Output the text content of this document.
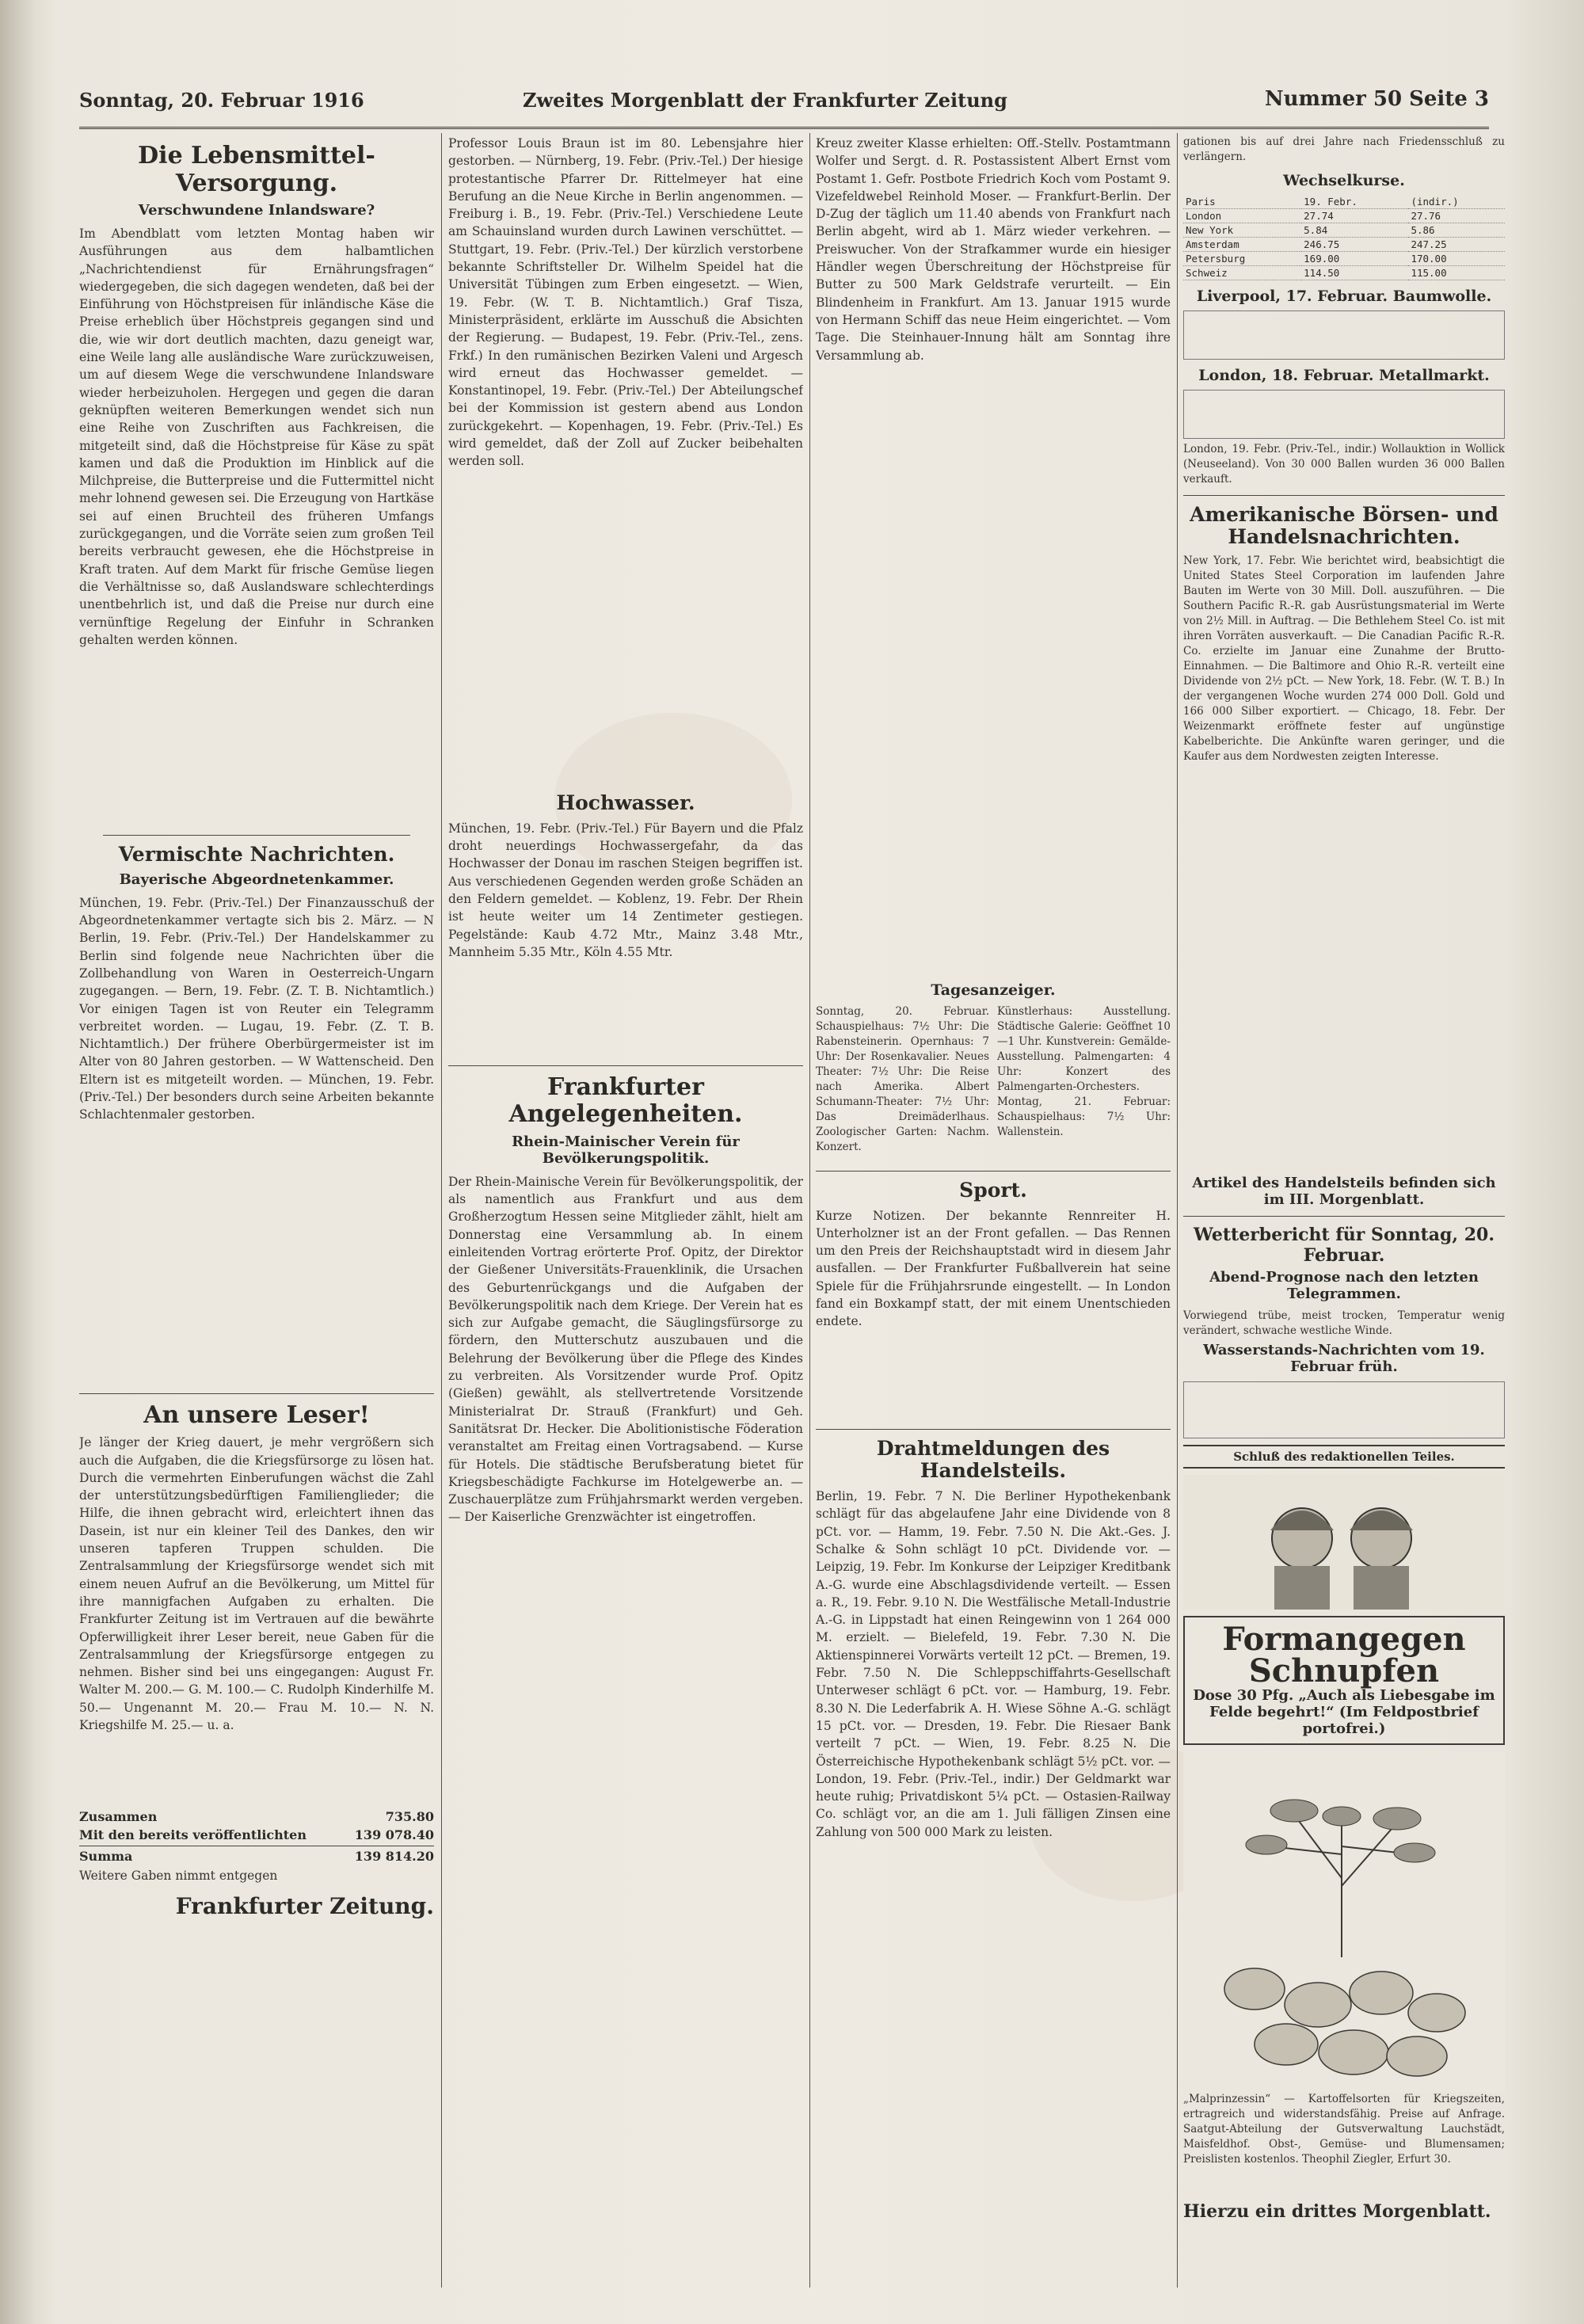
Sonntag, 20. Februar 1916	Zweites Morgenblatt der Frankfurter Zeitung	Nummer 50 Seite 3
Die Lebensmittel-Versorgung.
Verschwundene Inlandsware?

Im Abendblatt vom letzten Montag haben wir Ausführungen aus dem halbamtlichen „Nachrichtendienst für Ernährungsfragen“ wiedergegeben, die sich dagegen wendeten, daß bei der Einführung von Höchstpreisen für inländische Käse die Preise erheblich über Höchstpreis gegangen sind und die, wie wir dort deutlich machten, dazu geneigt war, eine Weile lang alle ausländische Ware zurückzuweisen, um auf diesem Wege die verschwundene Inlandsware wieder herbeizuholen. Hergegen und gegen die daran geknüpften weiteren Bemerkungen wendet sich nun eine Reihe von Zuschriften aus Fachkreisen, die mitgeteilt sind, daß die Höchstpreise für Käse zu spät kamen und daß die Produktion im Hinblick auf die Milchpreise, die Butterpreise und die Futtermittel nicht mehr lohnend gewesen sei. Die Erzeugung von Hartkäse sei auf einen Bruchteil des früheren Umfangs zurückgegangen, und die Vorräte seien zum großen Teil bereits verbraucht gewesen, ehe die Höchstpreise in Kraft traten. Auf dem Markt für frische Gemüse liegen die Verhältnisse so, daß Auslandsware schlechterdings unentbehrlich ist, und daß die Preise nur durch eine vernünftige Regelung der Einfuhr in Schranken gehalten werden können.

Vermischte Nachrichten.
Bayerische Abgeordnetenkammer.

München, 19. Febr. (Priv.-Tel.) Der Finanzausschuß der Abgeordnetenkammer vertagte sich bis 2. März. — N Berlin, 19. Febr. (Priv.-Tel.) Der Handelskammer zu Berlin sind folgende neue Nachrichten über die Zollbehandlung von Waren in Oesterreich-Ungarn zugegangen. — Bern, 19. Febr. (Z. T. B. Nichtamtlich.) Vor einigen Tagen ist von Reuter ein Telegramm verbreitet worden. — Lugau, 19. Febr. (Z. T. B. Nichtamtlich.) Der frühere Oberbürgermeister ist im Alter von 80 Jahren gestorben. — W Wattenscheid. Den Eltern ist es mitgeteilt worden. — München, 19. Febr. (Priv.-Tel.) Der besonders durch seine Arbeiten bekannte Schlachtenmaler gestorben.

An unsere Leser!

Je länger der Krieg dauert, je mehr vergrößern sich auch die Aufgaben, die die Kriegsfürsorge zu lösen hat. Durch die vermehrten Einberufungen wächst die Zahl der unterstützungsbedürftigen Familienglieder; die Hilfe, die ihnen gebracht wird, erleichtert ihnen das Dasein, ist nur ein kleiner Teil des Dankes, den wir unseren tapferen Truppen schulden. Die Zentralsammlung der Kriegsfürsorge wendet sich mit einem neuen Aufruf an die Bevölkerung, um Mittel für ihre mannigfachen Aufgaben zu erhalten. Die Frankfurter Zeitung ist im Vertrauen auf die bewährte Opferwilligkeit ihrer Leser bereit, neue Gaben für die Zentralsammlung der Kriegsfürsorge entgegen zu nehmen. Bisher sind bei uns eingegangen: August Fr. Walter M. 200.— G. M. 100.— C. Rudolph Kinderhilfe M. 50.— Ungenannt M. 20.— Frau M. 10.— N. N. Kriegshilfe M. 25.— u. a.

Zusammen	735.80
Mit den bereits veröffentlichten	139 078.40
Summa	139 814.20

Weitere Gaben nimmt entgegen

Frankfurter Zeitung.

Professor Louis Braun ist im 80. Lebensjahre hier gestorben. — Nürnberg, 19. Febr. (Priv.-Tel.) Der hiesige protestantische Pfarrer Dr. Rittelmeyer hat eine Berufung an die Neue Kirche in Berlin angenommen. — Freiburg i. B., 19. Febr. (Priv.-Tel.) Verschiedene Leute am Schauinsland wurden durch Lawinen verschüttet. — Stuttgart, 19. Febr. (Priv.-Tel.) Der kürzlich verstorbene bekannte Schriftsteller Dr. Wilhelm Speidel hat die Universität Tübingen zum Erben eingesetzt. — Wien, 19. Febr. (W. T. B. Nichtamtlich.) Graf Tisza, Ministerpräsident, erklärte im Ausschuß die Absichten der Regierung. — Budapest, 19. Febr. (Priv.-Tel., zens. Frkf.) In den rumänischen Bezirken Valeni und Argesch wird erneut das Hochwasser gemeldet. — Konstantinopel, 19. Febr. (Priv.-Tel.) Der Abteilungschef bei der Kommission ist gestern abend aus London zurückgekehrt. — Kopenhagen, 19. Febr. (Priv.-Tel.) Es wird gemeldet, daß der Zoll auf Zucker beibehalten werden soll.

Hochwasser.

München, 19. Febr. (Priv.-Tel.) Für Bayern und die Pfalz droht neuerdings Hochwassergefahr, da das Hochwasser der Donau im raschen Steigen begriffen ist. Aus verschiedenen Gegenden werden große Schäden an den Feldern gemeldet. — Koblenz, 19. Febr. Der Rhein ist heute weiter um 14 Zentimeter gestiegen. Pegelstände: Kaub 4.72 Mtr., Mainz 3.48 Mtr., Mannheim 5.35 Mtr., Köln 4.55 Mtr.

Frankfurter Angelegenheiten.
Rhein-Mainischer Verein für Bevölkerungspolitik.

Der Rhein-Mainische Verein für Bevölkerungspolitik, der als namentlich aus Frankfurt und aus dem Großherzogtum Hessen seine Mitglieder zählt, hielt am Donnerstag eine Versammlung ab. In einem einleitenden Vortrag erörterte Prof. Opitz, der Direktor der Gießener Universitäts-Frauenklinik, die Ursachen des Geburtenrückgangs und die Aufgaben der Bevölkerungspolitik nach dem Kriege. Der Verein hat es sich zur Aufgabe gemacht, die Säuglingsfürsorge zu fördern, den Mutterschutz auszubauen und die Belehrung der Bevölkerung über die Pflege des Kindes zu verbreiten. Als Vorsitzender wurde Prof. Opitz (Gießen) gewählt, als stellvertretende Vorsitzende Ministerialrat Dr. Strauß (Frankfurt) und Geh. Sanitätsrat Dr. Hecker. Die Abolitionistische Föderation veranstaltet am Freitag einen Vortragsabend. — Kurse für Hotels. Die städtische Berufsberatung bietet für Kriegsbeschädigte Fachkurse im Hotelgewerbe an. — Zuschauerplätze zum Frühjahrsmarkt werden vergeben. — Der Kaiserliche Grenzwächter ist eingetroffen.

Kreuz zweiter Klasse erhielten: Off.-Stellv. Postamtmann Wolfer und Sergt. d. R. Postassistent Albert Ernst vom Postamt 1. Gefr. Postbote Friedrich Koch vom Postamt 9. Vizefeldwebel Reinhold Moser. — Frankfurt-Berlin. Der D-Zug der täglich um 11.40 abends von Frankfurt nach Berlin abgeht, wird ab 1. März wieder verkehren. — Preiswucher. Von der Strafkammer wurde ein hiesiger Händler wegen Überschreitung der Höchstpreise für Butter zu 500 Mark Geldstrafe verurteilt. — Ein Blindenheim in Frankfurt. Am 13. Januar 1915 wurde von Hermann Schiff das neue Heim eingerichtet. — Vom Tage. Die Steinhauer-Innung hält am Sonntag ihre Versammlung ab.

Tagesanzeiger.

Sonntag, 20. Februar. Schauspielhaus: 7½ Uhr: Die Rabensteinerin. Opernhaus: 7 Uhr: Der Rosenkavalier. Neues Theater: 7½ Uhr: Die Reise nach Amerika. Albert Schumann-Theater: 7½ Uhr: Das Dreimäderlhaus. Zoologischer Garten: Nachm. Konzert.

Künstlerhaus: Ausstellung. Städtische Galerie: Geöffnet 10—1 Uhr. Kunstverein: Gemälde-Ausstellung. Palmengarten: 4 Uhr: Konzert des Palmengarten-Orchesters. Montag, 21. Februar: Schauspielhaus: 7½ Uhr: Wallenstein.

Sport.

Kurze Notizen. Der bekannte Rennreiter H. Unterholzner ist an der Front gefallen. — Das Rennen um den Preis der Reichshauptstadt wird in diesem Jahr ausfallen. — Der Frankfurter Fußballverein hat seine Spiele für die Frühjahrsrunde eingestellt. — In London fand ein Boxkampf statt, der mit einem Unentschieden endete.

Drahtmeldungen des Handelsteils.

Berlin, 19. Febr. 7 N. Die Berliner Hypothekenbank schlägt für das abgelaufene Jahr eine Dividende von 8 pCt. vor. — Hamm, 19. Febr. 7.50 N. Die Akt.-Ges. J. Schalke & Sohn schlägt 10 pCt. Dividende vor. — Leipzig, 19. Febr. Im Konkurse der Leipziger Kreditbank A.-G. wurde eine Abschlagsdividende verteilt. — Essen a. R., 19. Febr. 9.10 N. Die Westfälische Metall-Industrie A.-G. in Lippstadt hat einen Reingewinn von 1 264 000 M. erzielt. — Bielefeld, 19. Febr. 7.30 N. Die Aktienspinnerei Vorwärts verteilt 12 pCt. — Bremen, 19. Febr. 7.50 N. Die Schleppschiffahrts-Gesellschaft Unterweser schlägt 6 pCt. vor. — Hamburg, 19. Febr. 8.30 N. Die Lederfabrik A. H. Wiese Söhne A.-G. schlägt 15 pCt. vor. — Dresden, 19. Febr. Die Riesaer Bank verteilt 7 pCt. — Wien, 19. Febr. 8.25 N. Die Österreichische Hypothekenbank schlägt 5½ pCt. vor. — London, 19. Febr. (Priv.-Tel., indir.) Der Geldmarkt war heute ruhig; Privatdiskont 5¼ pCt. — Ostasien-Railway Co. schlägt vor, an die am 1. Juli fälligen Zinsen eine Zahlung von 500 000 Mark zu leisten.

gationen bis auf drei Jahre nach Friedensschluß zu verlängern.

Wechselkurse.
Paris	19. Febr.	(indir.)
London	27.74	27.76
New York	5.84	5.86
Amsterdam	246.75	247.25
Petersburg	169.00	170.00
Schweiz	114.50	115.00
Liverpool, 17. Februar. Baumwolle.
London, 18. Februar. Metallmarkt.

London, 19. Febr. (Priv.-Tel., indir.) Wollauktion in Wollick (Neuseeland). Von 30 000 Ballen wurden 36 000 Ballen verkauft.

Amerikanische Börsen- und Handelsnachrichten.

New York, 17. Febr. Wie berichtet wird, beabsichtigt die United States Steel Corporation im laufenden Jahre Bauten im Werte von 30 Mill. Doll. auszuführen. — Die Southern Pacific R.-R. gab Ausrüstungsmaterial im Werte von 2½ Mill. in Auftrag. — Die Bethlehem Steel Co. ist mit ihren Vorräten ausverkauft. — Die Canadian Pacific R.-R. Co. erzielte im Januar eine Zunahme der Brutto-Einnahmen. — Die Baltimore and Ohio R.-R. verteilt eine Dividende von 2½ pCt. — New York, 18. Febr. (W. T. B.) In der vergangenen Woche wurden 274 000 Doll. Gold und 166 000 Silber exportiert. — Chicago, 18. Febr. Der Weizenmarkt eröffnete fester auf ungünstige Kabelberichte. Die Ankünfte waren geringer, und die Kaufer aus dem Nordwesten zeigten Interesse.

Artikel des Handelsteils befinden sich im III. Morgenblatt.
Wetterbericht für Sonntag, 20. Februar.
Abend-Prognose nach den letzten Telegrammen.

Vorwiegend trübe, meist trocken, Temperatur wenig verändert, schwache westliche Winde.

Wasserstands-Nachrichten vom 19. Februar früh.
Schluß des redaktionellen Teiles.
Formangegen Schnupfen
Dose 30 Pfg. „Auch als Liebesgabe im Felde begehrt!“ (Im Feldpostbrief portofrei.)

„Malprinzessin“ — Kartoffelsorten für Kriegszeiten, ertragreich und widerstandsfähig. Preise auf Anfrage. Saatgut-Abteilung der Gutsverwaltung Lauchstädt, Maisfeldhof. Obst-, Gemüse- und Blumensamen; Preislisten kostenlos. Theophil Ziegler, Erfurt 30.

Hierzu ein drittes Morgenblatt.
